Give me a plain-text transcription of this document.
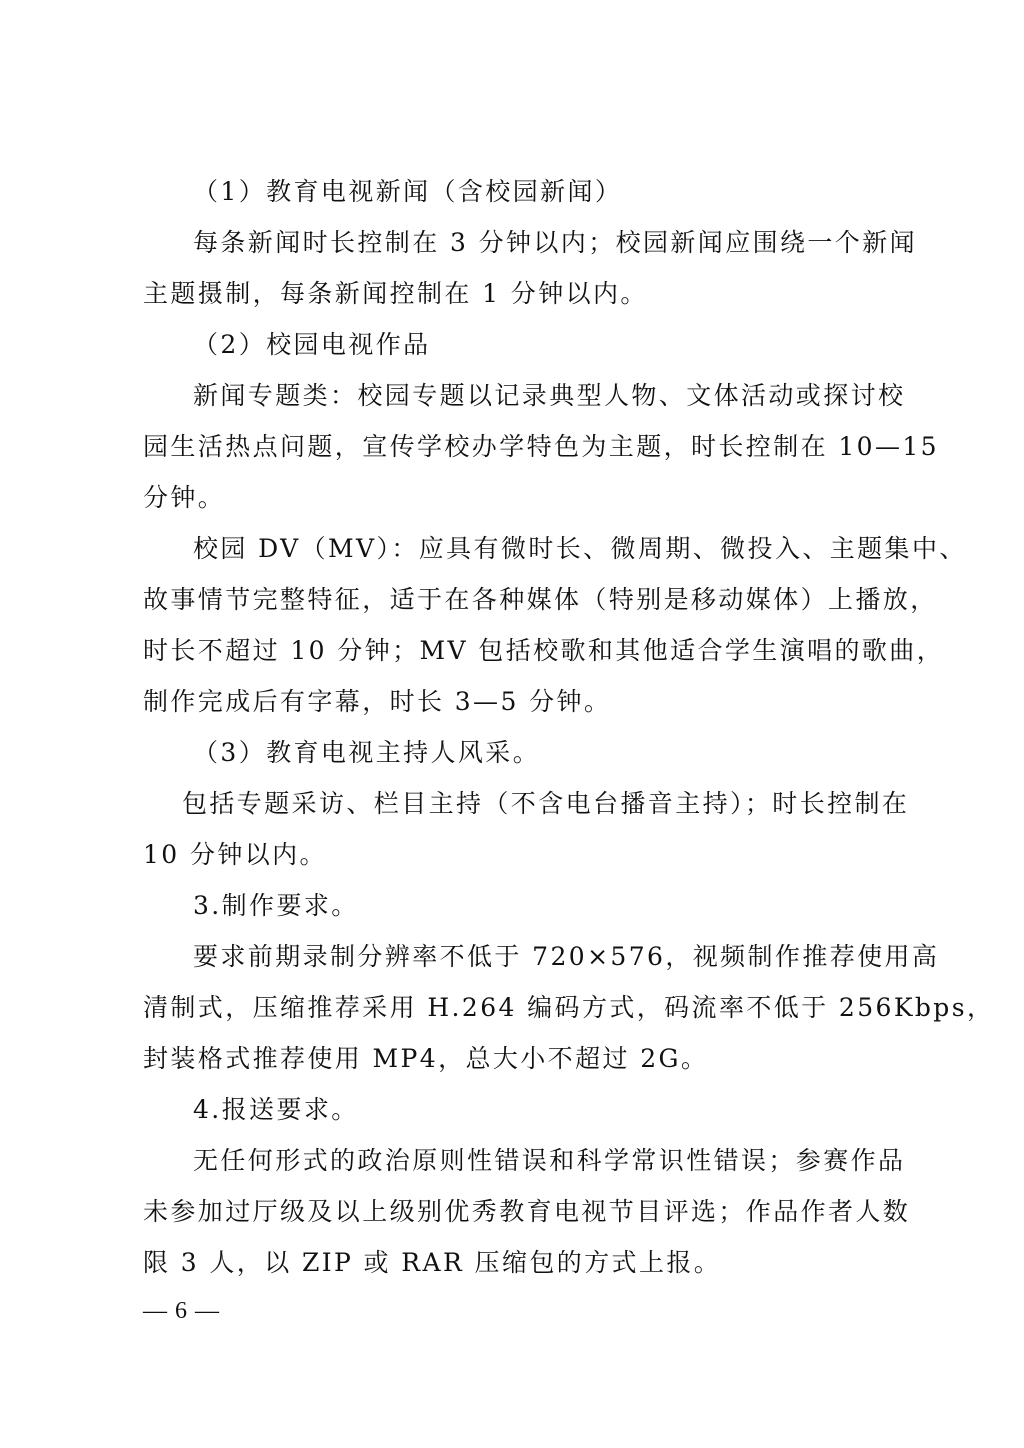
（1）教育电视新闻（含校园新闻）
每条新闻时长控制在 3 分钟以内；校园新闻应围绕一个新闻
主题摄制，每条新闻控制在 1 分钟以内。
（2）校园电视作品
新闻专题类：校园专题以记录典型人物、文体活动或探讨校
园生活热点问题，宣传学校办学特色为主题，时长控制在 10—15
分钟。
校园 DV（MV）：应具有微时长、微周期、微投入、主题集中、
故事情节完整特征，适于在各种媒体（特别是移动媒体）上播放，
时长不超过 10 分钟；MV 包括校歌和其他适合学生演唱的歌曲，
制作完成后有字幕，时长 3—5 分钟。
（3）教育电视主持人风采。
包括专题采访、栏目主持（不含电台播音主持）；时长控制在
10 分钟以内。
3.制作要求。
要求前期录制分辨率不低于 720×576，视频制作推荐使用高
清制式，压缩推荐采用 H.264 编码方式，码流率不低于 256Kbps，
封装格式推荐使用 MP4，总大小不超过 2G。
4.报送要求。
无任何形式的政治原则性错误和科学常识性错误；参赛作品
未参加过厅级及以上级别优秀教育电视节目评选；作品作者人数
限 3 人，以 ZIP 或 RAR 压缩包的方式上报。
— 6 —
